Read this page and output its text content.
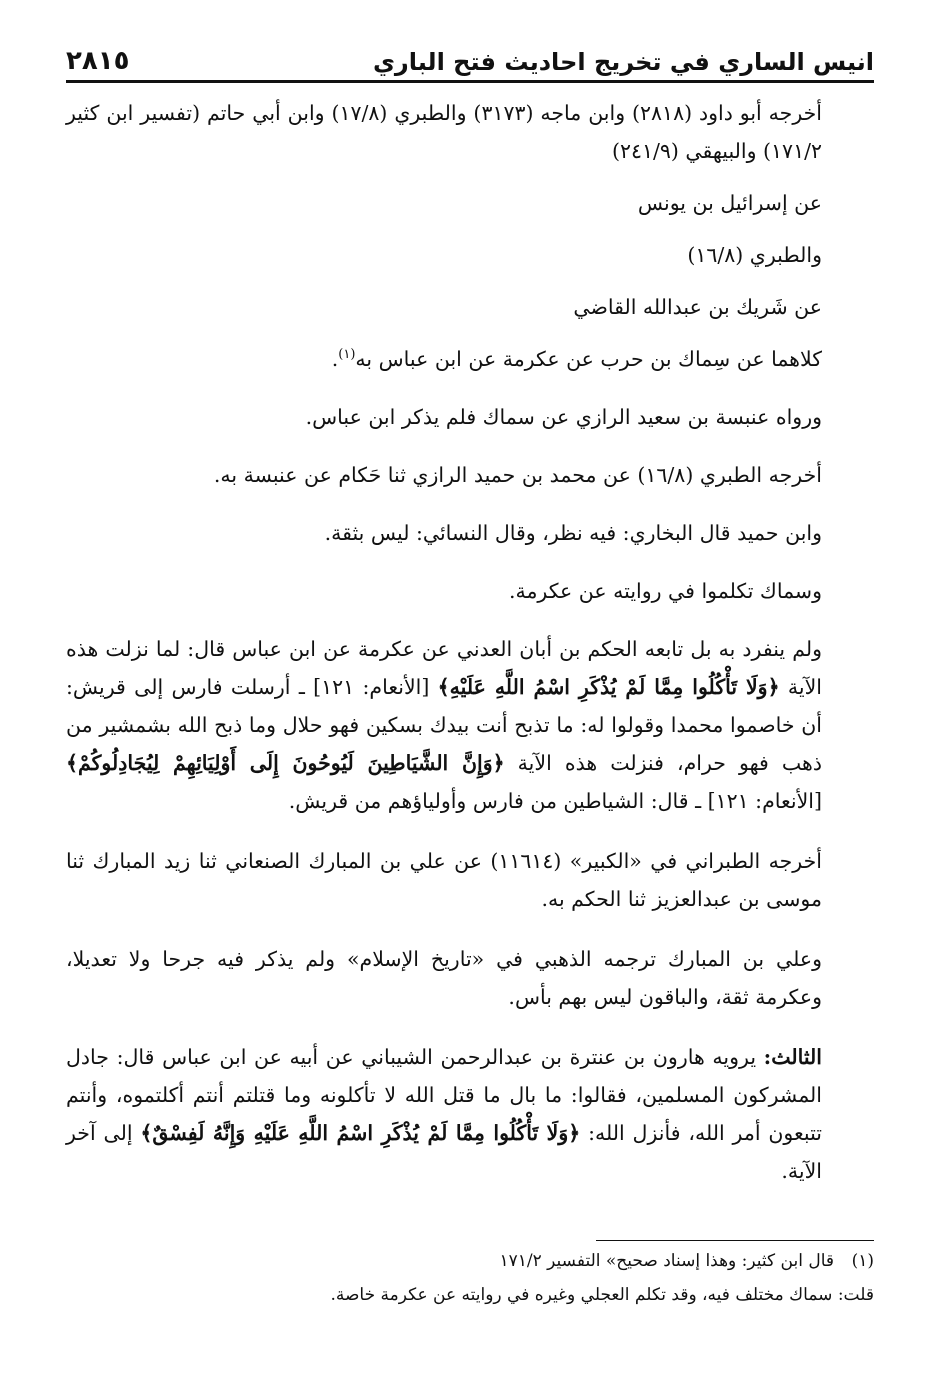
انيس الساري في تخريج احاديث فتح الباري
٢٨١٥

أخرجه أبو داود (٢٨١٨) وابن ماجه (٣١٧٣) والطبري (١٧/٨) وابن أبي حاتم (تفسير ابن كثير ١٧١/٢) والبيهقي (٢٤١/٩)

عن إسرائيل بن يونس

والطبري (١٦/٨)

عن شَريك بن عبدالله القاضي

كلاهما عن سِماك بن حرب عن عكرمة عن ابن عباس به$^{(١)}$.

ورواه عنبسة بن سعيد الرازي عن سماك فلم يذكر ابن عباس.

أخرجه الطبري (١٦/٨) عن محمد بن حميد الرازي ثنا حَكام عن عنبسة به.

وابن حميد قال البخاري: فيه نظر، وقال النسائي: ليس بثقة.

وسماك تكلموا في روايته عن عكرمة.

ولم ينفرد به بل تابعه الحكم بن أبان العدني عن عكرمة عن ابن عباس قال: لما نزلت هذه الآية ﴿وَلَا تَأْكُلُوا مِمَّا لَمْ يُذْكَرِ اسْمُ اللَّهِ عَلَيْهِ﴾ [الأنعام: ١٢١] ـ أرسلت فارس إلى قريش: أن خاصموا محمدا وقولوا له: ما تذبح أنت بيدك بسكين فهو حلال وما ذبح الله بشمشير من ذهب فهو حرام، فنزلت هذه الآية ﴿وَإِنَّ الشَّيَاطِينَ لَيُوحُونَ إِلَى أَوْلِيَائِهِمْ لِيُجَادِلُوكُمْ﴾ [الأنعام: ١٢١] ـ قال: الشياطين من فارس وأولياؤهم من قريش.

أخرجه الطبراني في «الكبير» (١١٦١٤) عن علي بن المبارك الصنعاني ثنا زيد المبارك ثنا موسى بن عبدالعزيز ثنا الحكم به.

وعلي بن المبارك ترجمه الذهبي في «تاريخ الإسلام» ولم يذكر فيه جرحا ولا تعديلا، وعكرمة ثقة، والباقون ليس بهم بأس.

الثالث: يرويه هارون بن عنترة بن عبدالرحمن الشيباني عن أبيه عن ابن عباس قال: جادل المشركون المسلمين، فقالوا: ما بال ما قتل الله لا تأكلونه وما قتلتم أنتم أكلتموه، وأنتم تتبعون أمر الله، فأنزل الله: ﴿وَلَا تَأْكُلُوا مِمَّا لَمْ يُذْكَرِ اسْمُ اللَّهِ عَلَيْهِ وَإِنَّهُ لَفِسْقٌ﴾ إلى آخر الآية.

(١)قال ابن كثير: وهذا إسناد صحيح» التفسير ١٧١/٢

قلت: سماك مختلف فيه، وقد تكلم العجلي وغيره في روايته عن عكرمة خاصة.
